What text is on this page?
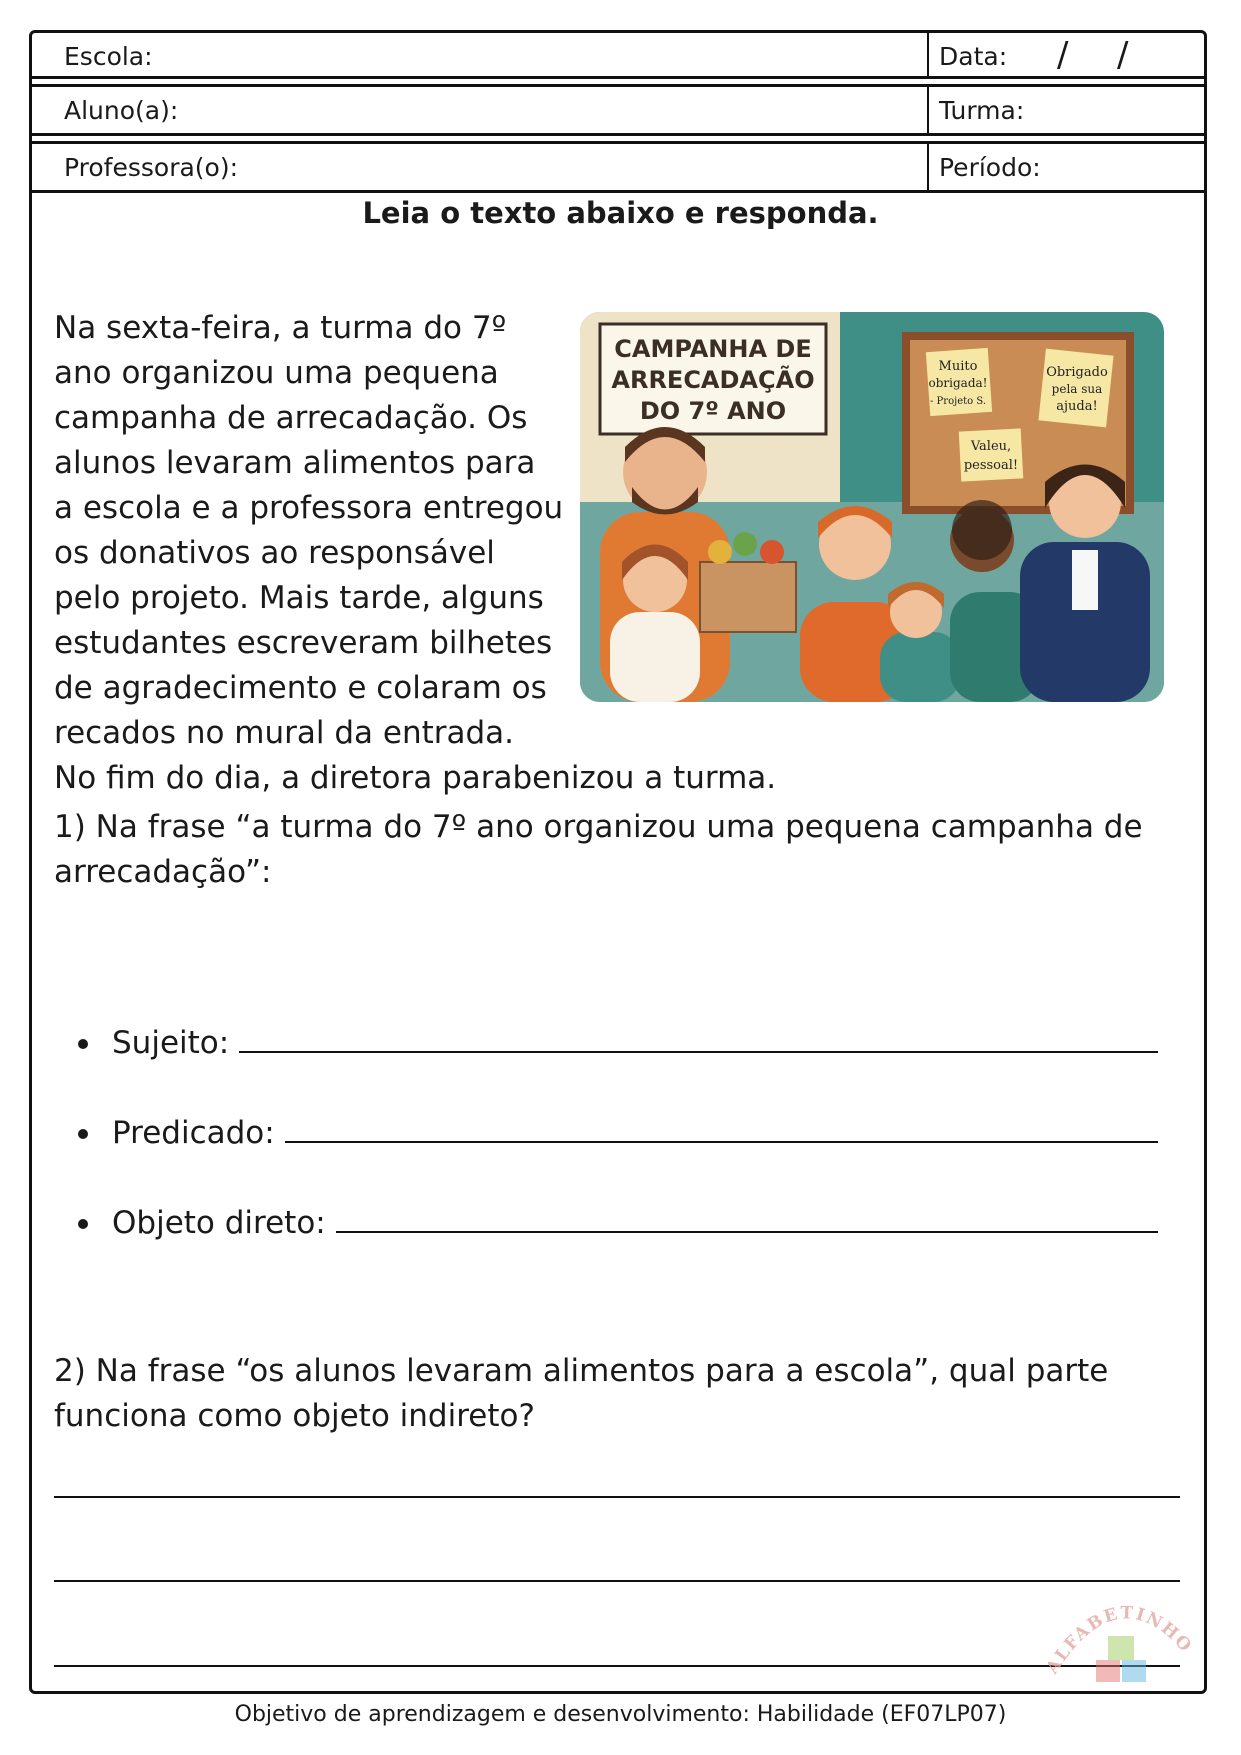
Escola:	Data: / /
Aluno(a):	Turma:
Professora(o):	Período:
Leia o texto abaixo e responda.
CAMPANHA DE
ARRECADAÇÃO
DO 7º ANO
Muito
obrigada!
- Projeto S.
Obrigado
pela sua
ajuda!
Valeu,
pessoal!
Na sexta-feira, a turma do 7º ano organizou uma pequena campanha de arrecadação. Os alunos levaram alimentos para a escola e a professora entregou os donativos ao responsável pelo projeto. Mais tarde, alguns estudantes escreveram bilhetes de agradecimento e colaram os recados no mural da entrada. No fim do dia, a diretora parabenizou a turma.
1) Na frase “a turma do 7º ano organizou uma pequena campanha de arrecadação”:
Sujeito:
Predicado:
Objeto direto:
2) Na frase “os alunos levaram alimentos para a escola”, qual parte funciona como objeto indireto?
ALFABETINHO
Objetivo de aprendizagem e desenvolvimento: Habilidade (EF07LP07)
